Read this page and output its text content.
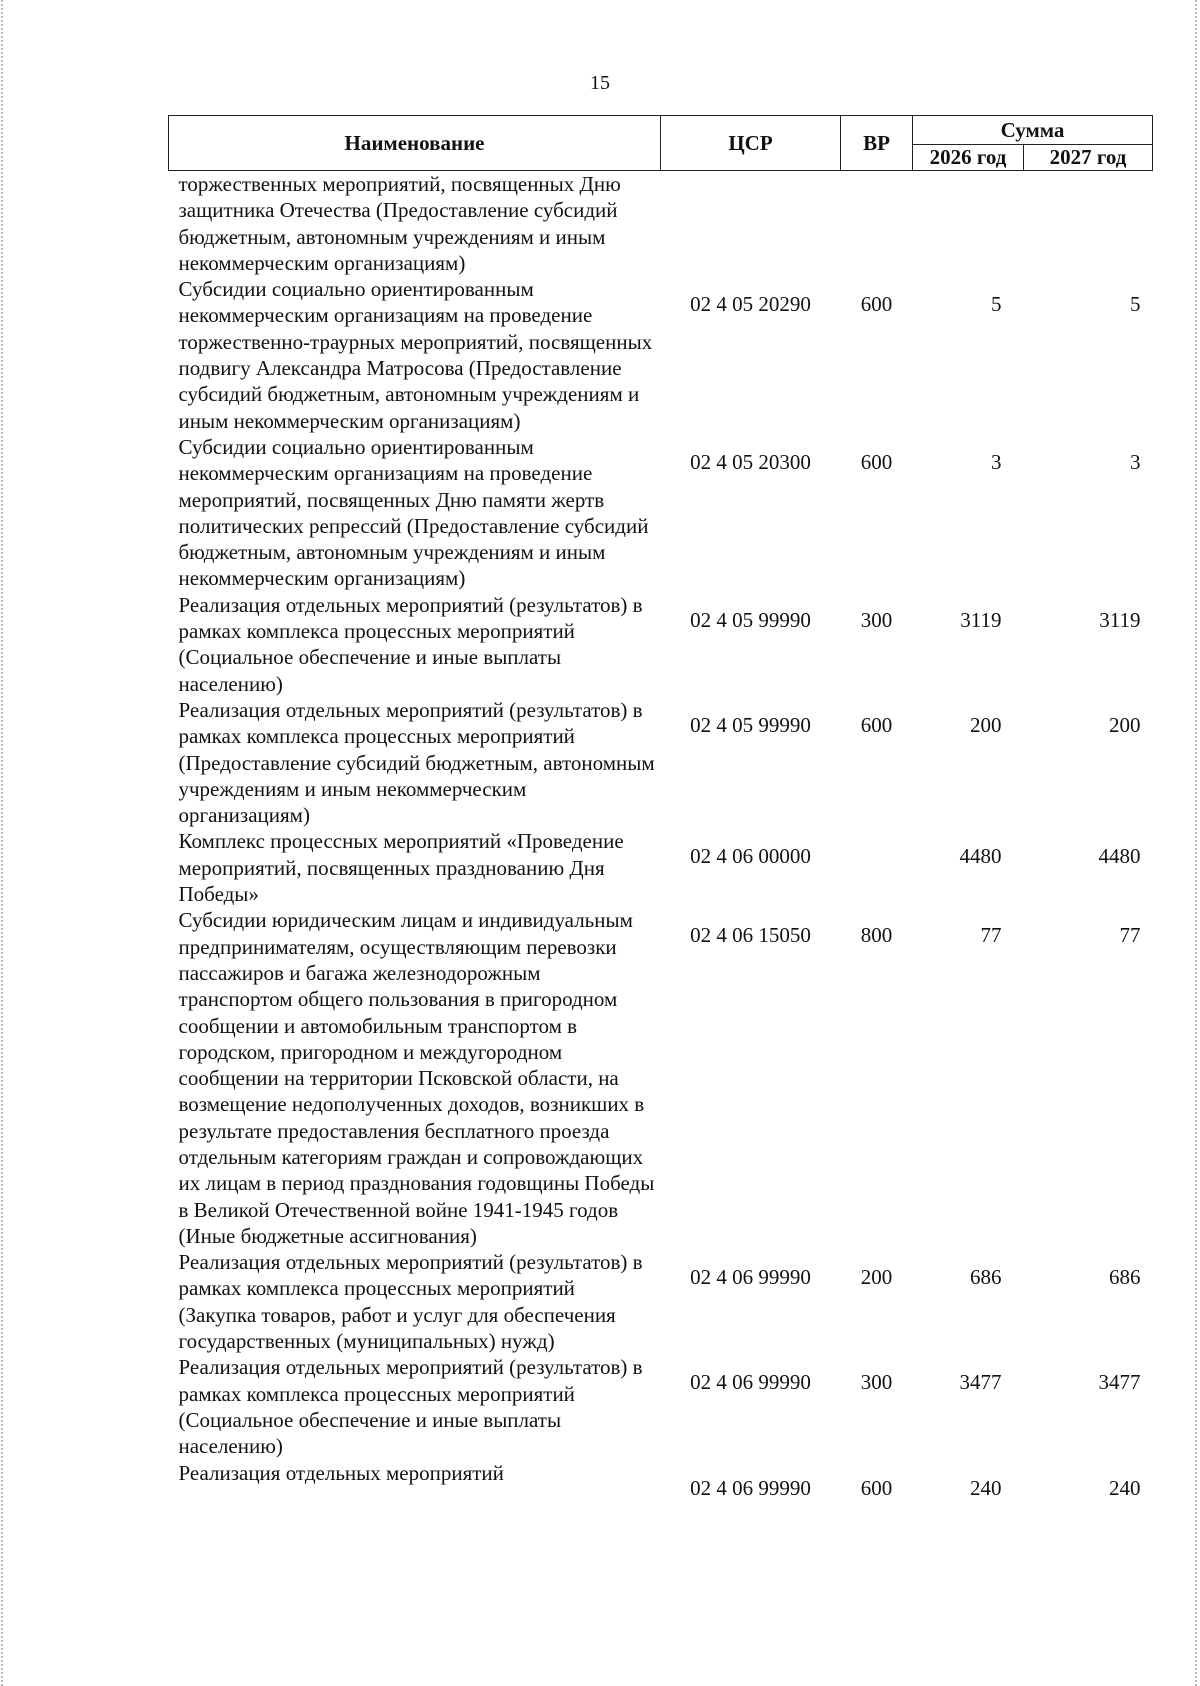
15
Наименование	ЦСР	ВР	Сумма	
			2026 год	2027 год
торжественных мероприятий, посвященных Дню защитника Отечества (Предоставление субсидий бюджетным, автономным учреждениям и иным некоммерческим организациям)				
Субсидии социально ориентированным некоммерческим организациям на проведение торжественно-траурных мероприятий, посвященных подвигу Александра Матросова (Предоставление субсидий бюджетным, автономным учреждениям и иным некоммерческим организациям)	02 4 05 20290	600	5	5
Субсидии социально ориентированным некоммерческим организациям на проведение мероприятий, посвященных Дню памяти жертв политических репрессий (Предоставление субсидий бюджетным, автономным учреждениям и иным некоммерческим организациям)	02 4 05 20300	600	3	3
Реализация отдельных мероприятий (результатов) в рамках комплекса процессных мероприятий (Социальное обеспечение и иные выплаты населению)	02 4 05 99990	300	3119	3119
Реализация отдельных мероприятий (результатов) в рамках комплекса процессных мероприятий (Предоставление субсидий бюджетным, автономным учреждениям и иным некоммерческим организациям)	02 4 05 99990	600	200	200
Комплекс процессных мероприятий «Проведение мероприятий, посвященных празднованию Дня Победы»	02 4 06 00000		4480	4480
Субсидии юридическим лицам и индивидуальным предпринимателям, осуществляющим перевозки пассажиров и багажа железнодорожным транспортом общего пользования в пригородном сообщении и автомобильным транспортом в городском, пригородном и междугородном сообщении на территории Псковской области, на возмещение недополученных доходов, возникших в результате предоставления бесплатного проезда отдельным категориям граждан и сопровождающих их лицам в период празднования годовщины Победы в Великой Отечественной войне 1941-1945 годов (Иные бюджетные ассигнования)	02 4 06 15050	800	77	77
Реализация отдельных мероприятий (результатов) в рамках комплекса процессных мероприятий (Закупка товаров, работ и услуг для обеспечения государственных (муниципальных) нужд)	02 4 06 99990	200	686	686
Реализация отдельных мероприятий (результатов) в рамках комплекса процессных мероприятий (Социальное обеспечение и иные выплаты населению)	02 4 06 99990	300	3477	3477
Реализация отдельных мероприятий	02 4 06 99990	600	240	240
